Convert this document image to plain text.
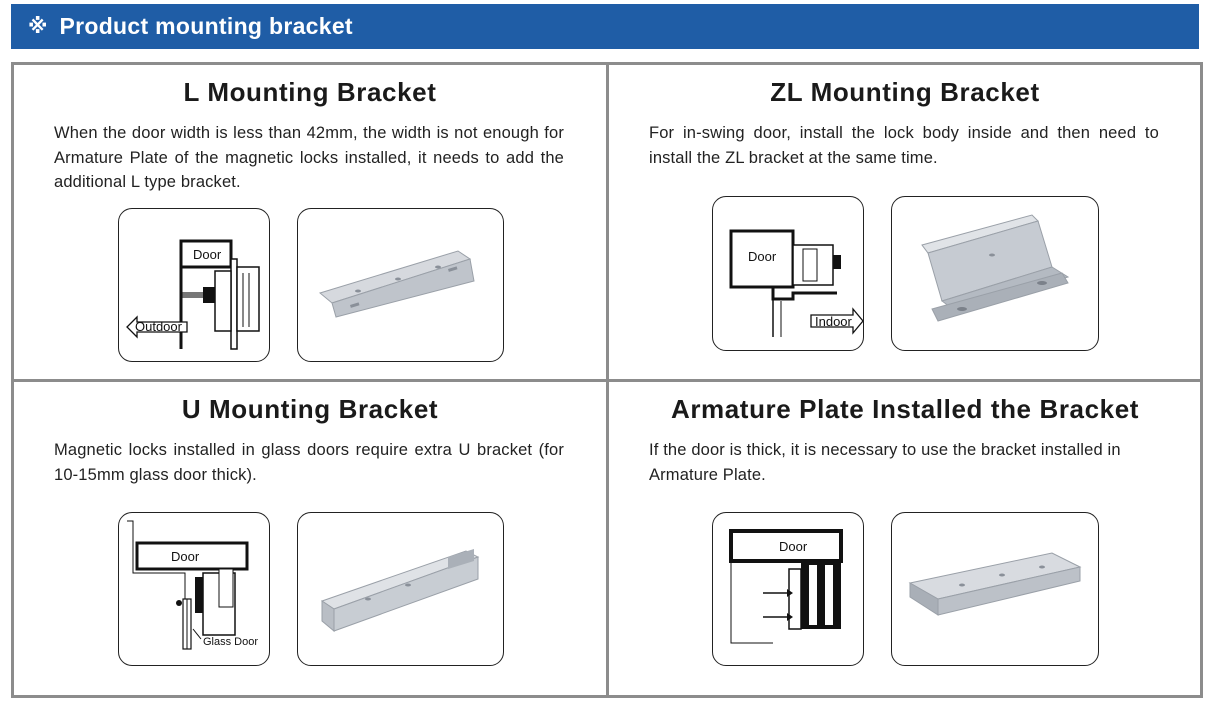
※ Product mounting bracket
L Mounting Bracket

When the door width is less than 42mm, the width is not enough for Armature Plate of the magnetic locks installed, it needs to add the additional L type bracket.

Door
Outdoor
ZL Mounting Bracket

For in-swing door, install the lock body inside and then need to install the ZL bracket at the same time.

Door
Indoor
U Mounting Bracket

Magnetic locks installed in glass doors require extra U bracket (for 10-15mm glass door thick).

Door
Glass Door
Armature Plate Installed the Bracket

If the door is thick, it is necessary to use the bracket installed in Armature Plate.

Door
